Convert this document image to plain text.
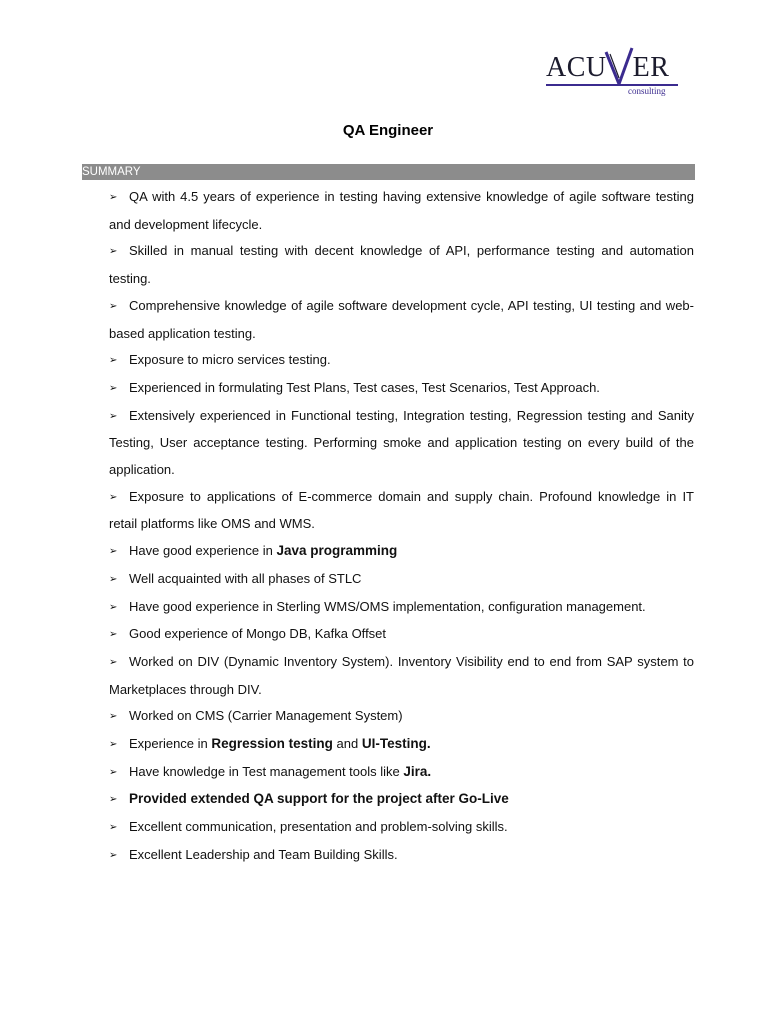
ACU ER
consulting
QA Engineer
SUMMARY
➢ QA with 4.5 years of experience in testing having extensive knowledge of agile software testing and development lifecycle.
➢ Skilled in manual testing with decent knowledge of API, performance testing and automation testing.
➢ Comprehensive knowledge of agile software development cycle, API testing, UI testing and web-based application testing.
➢ Exposure to micro services testing.
➢ Experienced in formulating Test Plans, Test cases, Test Scenarios, Test Approach.
➢ Extensively experienced in Functional testing, Integration testing, Regression testing and Sanity Testing, User acceptance testing. Performing smoke and application testing on every build of the application.
➢ Exposure to applications of E-commerce domain and supply chain. Profound knowledge in IT retail platforms like OMS and WMS.
➢ Have good experience in Java programming
➢ Well acquainted with all phases of STLC
➢ Have good experience in Sterling WMS/OMS implementation, configuration management.
➢ Good experience of Mongo DB, Kafka Offset
➢ Worked on DIV (Dynamic Inventory System). Inventory Visibility end to end from SAP system to Marketplaces through DIV.
➢ Worked on CMS (Carrier Management System)
➢ Experience in Regression testing and UI-Testing.
➢ Have knowledge in Test management tools like Jira.
➢ Provided extended QA support for the project after Go-Live
➢ Excellent communication, presentation and problem-solving skills.
➢ Excellent Leadership and Team Building Skills.
